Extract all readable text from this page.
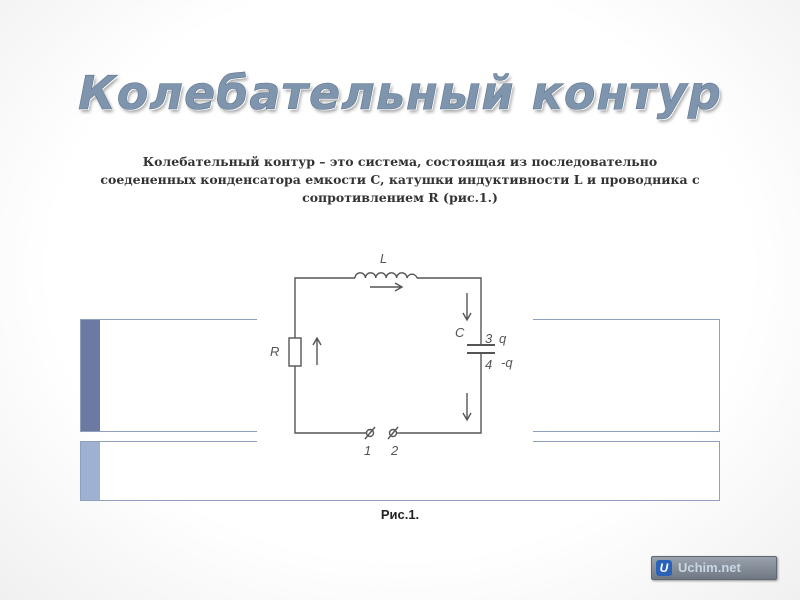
Колебательный контур
Колебательный контур – это система, состоящая из последовательно соедененных конденсатора емкости C, катушки индуктивности L и проводника с сопротивлением R (рис.1.)
L
C
R
3 q
4 -q
1 2
Рис.1.
U Uchim.net
